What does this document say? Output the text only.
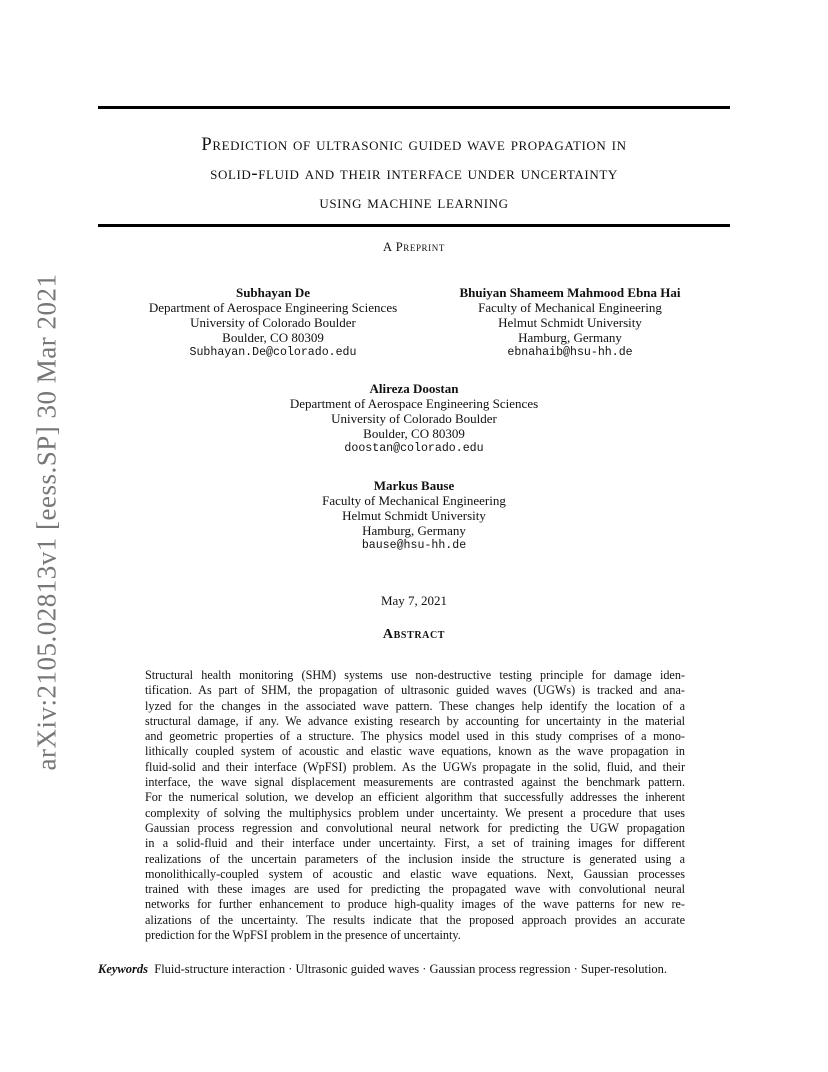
arXiv:2105.02813v1 [eess.SP] 30 Mar 2021
Prediction of ultrasonic guided wave propagation in
solid-fluid and their interface under uncertainty
using machine learning
A Preprint
Subhayan De
Department of Aerospace Engineering Sciences
University of Colorado Boulder
Boulder, CO 80309
Subhayan.De@colorado.edu
Bhuiyan Shameem Mahmood Ebna Hai
Faculty of Mechanical Engineering
Helmut Schmidt University
Hamburg, Germany
ebnahaib@hsu-hh.de
Alireza Doostan
Department of Aerospace Engineering Sciences
University of Colorado Boulder
Boulder, CO 80309
doostan@colorado.edu
Markus Bause
Faculty of Mechanical Engineering
Helmut Schmidt University
Hamburg, Germany
bause@hsu-hh.de
May 7, 2021
Abstract
Structural health monitoring (SHM) systems use non-destructive testing principle for damage iden-
tification. As part of SHM, the propagation of ultrasonic guided waves (UGWs) is tracked and ana-
lyzed for the changes in the associated wave pattern. These changes help identify the location of a
structural damage, if any. We advance existing research by accounting for uncertainty in the material
and geometric properties of a structure. The physics model used in this study comprises of a mono-
lithically coupled system of acoustic and elastic wave equations, known as the wave propagation in
fluid-solid and their interface (WpFSI) problem. As the UGWs propagate in the solid, fluid, and their
interface, the wave signal displacement measurements are contrasted against the benchmark pattern.
For the numerical solution, we develop an efficient algorithm that successfully addresses the inherent
complexity of solving the multiphysics problem under uncertainty. We present a procedure that uses
Gaussian process regression and convolutional neural network for predicting the UGW propagation
in a solid-fluid and their interface under uncertainty. First, a set of training images for different
realizations of the uncertain parameters of the inclusion inside the structure is generated using a
monolithically-coupled system of acoustic and elastic wave equations. Next, Gaussian processes
trained with these images are used for predicting the propagated wave with convolutional neural
networks for further enhancement to produce high-quality images of the wave patterns for new re-
alizations of the uncertainty. The results indicate that the proposed approach provides an accurate
prediction for the WpFSI problem in the presence of uncertainty.
Keywords Fluid-structure interaction · Ultrasonic guided waves · Gaussian process regression · Super-resolution.
